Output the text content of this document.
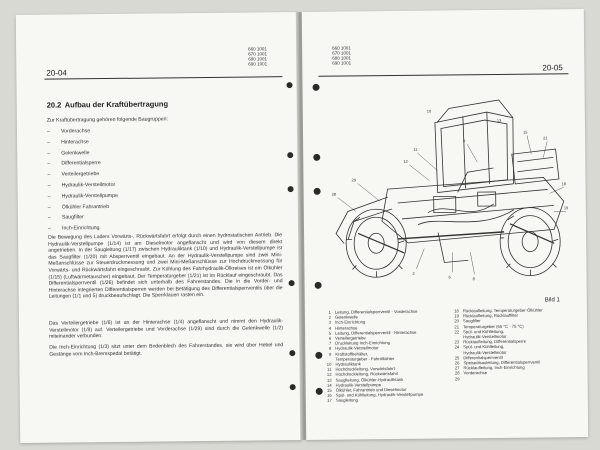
20-04
660 1001
670 1001
680 1001
690 1001
20.2 Aufbau der Kraftübertragung
Zur Kraftübertragung gehören folgende Baugruppen:
– Vorderachse
– Hinterachse
– Gelenkwelle
– Differentialsperre
– Verteilergetriebe
– Hydraulik-Verstellmotor
– Hydraulik-Verstellpumpe
– Ölkühler Fahrantrieb
– Saugfilter
– Inch-Einrichtung
Die Bewegung des Laders Vorwärts-, Rückwärtsfahrt erfolgt durch einen hydrostatischen Antrieb. Die Hydraulik-Verstellpumpe (1/14) ist am Dieselmotor angeflanscht und wird von diesem direkt angetrieben. In der Saugleitung (1/17) zwischen Hydrauliktank (1/10) und Hydraulik-Verstellpumpe ist das Saugfilter (1/20) mit Absperrventil eingebaut. An der Hydraulik-Verstellpumpe sind zwei Mini-Meßanschlüsse zur Steuerdruckmessung und zwei Mini-Meßanschlüsse zur Hochdruckmessung für Vorwärts- und Rückwärtsfahrt eingeschraubt. Zur Kühlung des Fahrhydraulik-Ölkreises ist ein Ölkühler (1/15) (Luftwärmetauscher) eingebaut. Der Temperaturgeber (1/21) ist im Rücklauf eingeschraubt. Das Differentialsperrventil (1/26) befindet sich unterhalb des Fahrerstandes. Die in die Vorder- und Hinterachse integrierten Differentialsperren werden bei Betätigung des Differentialsperrventils über die Leitungen (1/1 und 5) druckbeaufschlagt. Die Sperrklauen rasten ein.
Das Verteilergetriebe (1/6) ist an der Hinterachse (1/4) angeflanscht und nimmt den Hydraulik-Verstellmotor (1/8) auf. Verteilergetriebe und Vorderachse (1/29) sind durch die Gelenkwelle (1/2) miteinander verbunden.
Die Inch-Einrichtung (1/3) sitzt unter dem Bodenblech des Fahrerstandes, sie wird über Hebel und Gestänge vom Inch-Bremspedal betätigt.
660 1001
670 1001
680 1001
690 1001
20-05
11
12
9
15
21
18
19
28
29
6	8
2
13
10
Bild 1
1 Leitung, Differentialsperrventil - Vorderachse
2 Gelenkwelle
3 Inch-Einrichtung
4 Hinterachse
5 Leitung, Differentialsperrventil - Hinterachse
6 Verteilergetriebe
7 Druckleitung Inch-Einrichtung
8 Hydraulik-Verstellmotor
9 Kraftstoffbehälter,
Temperaturgeber - Fahrölkühler
10 Hydrauliktank
11 Hochdruckleitung, Vorwärtsfahrt
12 Hochdruckleitung, Rückwärtsfahrt
13 Sauglleitung, Ölkühler-Hydrauliktank
14 Hydraulik-Verstellpumpe
15 Ölkühler, Fahrantrieb und Dieselmotor
16 Spül- und Kühlleitung, Hydraulik-Verstellpumpe
17 Saugleitung
18 Rücklaufleitung, Temperaturgeber-Ölkühler
19 Rücklaufleitung, Rücklauffilter
20 Saugfilter
21 Temperaturgeber (65 °C - 75 °C)
22 Spül- und Kühlleitung,
Hydraulik-Verstellmotor
23 Rücklaufleitung, Differentialsperre
24 Spül- und Kühlleitung,
Hydraulik-Verstellmotor
25 Differentialsperrventil
26 Speiseölsauleitung, Differentialsperrventil
27 Rücklaufleitung, Inch-Einrichtung
28 Vorderachse
29
